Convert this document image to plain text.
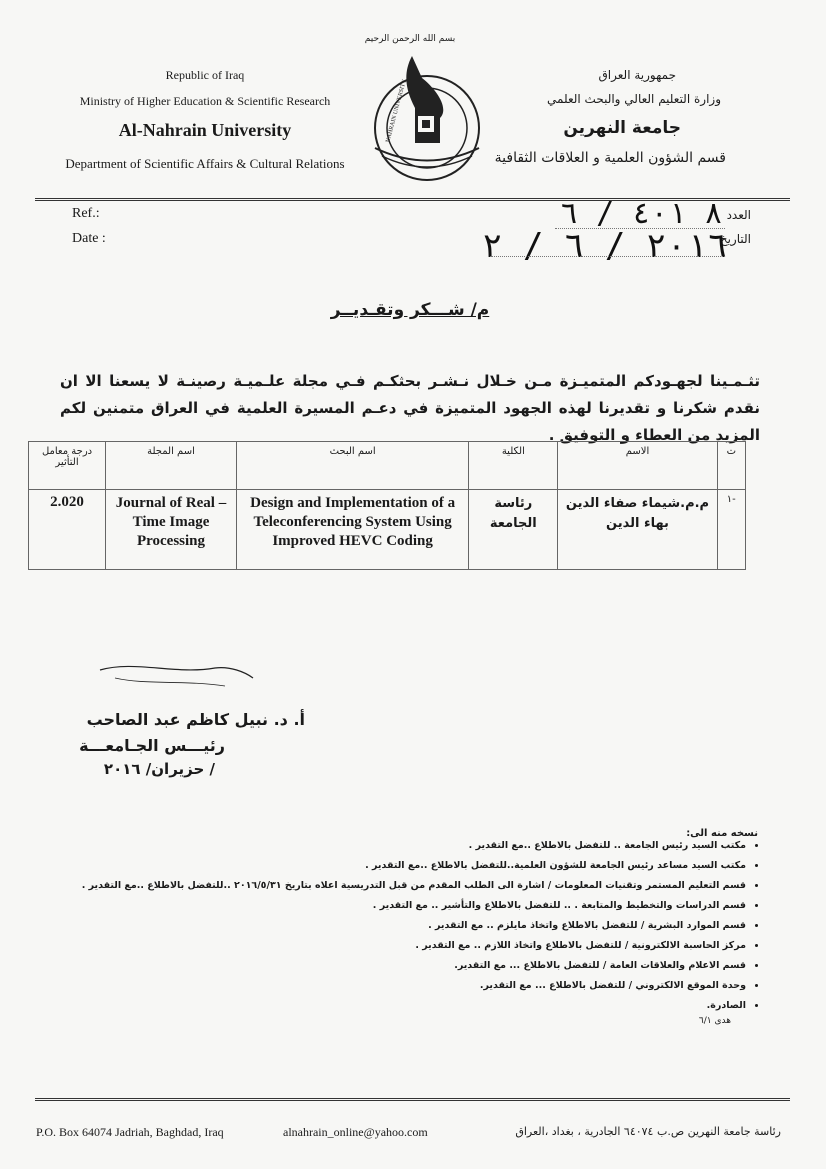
بسم الله الرحمن الرحيم
Republic of Iraq
Ministry of Higher Education & Scientific Research
Al-Nahrain University
Department of Scientific Affairs & Cultural Relations
NAHRAIN UNIVERSITY
جمهورية العراق
وزارة التعليم العالي والبحث العلمي
جامعة النهرين
قسم الشؤون العلمية و العلاقات الثقافية
Ref.:
Date :
العدد
التاريخ
٨ ٤٠١ / ٦
٢٠١٦ / ٦ / ٢
م/ شـــكر وتقـديــر
تثـمـينا لجهـودكم المتميـزة مـن خـلال نـشـر بحثكـم فـي مجلة علـميـة رصينـة لا يسعنا الا ان نقدم شكرنا و تقديرنا لهذه الجهود المتميزة في دعـم المسيرة العلمية في العراق متمنين لكم المزيد من العطاء و التوفيق .
ت	الاسم	الكلية	اسم البحث	اسم المجلة	درجة معامل التأثير
-١	م.م.شيماء صفاء الدين بهاء الدين	رئاسة الجامعة	Design and Implementation of a Teleconferencing System Using Improved HEVC Coding	Journal of Real –Time Image Processing	2.020
أ. د. نبيل كاظم عبد الصاحب
رئيـــس الجـامعـــة
/ حزيران/ ٢٠١٦
نسخه منه الى:
• مكتب السيد رئيس الجامعة .. للتفضل بالاطلاع ..مع التقدير .
• مكتب السيد مساعد رئيس الجامعة للشؤون العلمية..للتفضل بالاطلاع ..مع التقدير .
• قسم التعليم المستمر وتقنيات المعلومات / اشارة الى الطلب المقدم من قبل التدريسية اعلاه بتاريخ ٢٠١٦/٥/٣١ ..للتفضل بالاطلاع ..مع التقدير .
• قسم الدراسات والتخطيط والمتابعة . .. للتفضل بالاطلاع والتأشير .. مع التقدير .
• قسم الموارد البشرية / للتفضل بالاطلاع واتخاذ مايلزم .. مع التقدير .
• مركز الحاسبة الالكترونية / للتفضل بالاطلاع واتخاذ اللازم .. مع التقدير .
• قسم الاعلام والعلاقات العامة / للتفضل بالاطلاع ... مع التقدير.
• وحدة الموقع الالكتروني / للتفضل بالاطلاع ... مع التقدير.
• الصادرة.
هدى ٦/١
P.O. Box 64074 Jadriah, Baghdad, Iraq	alnahrain_online@yahoo.com	رئاسة جامعة النهرين ص.ب ٦٤٠٧٤ الجادرية ، بغداد ،العراق
